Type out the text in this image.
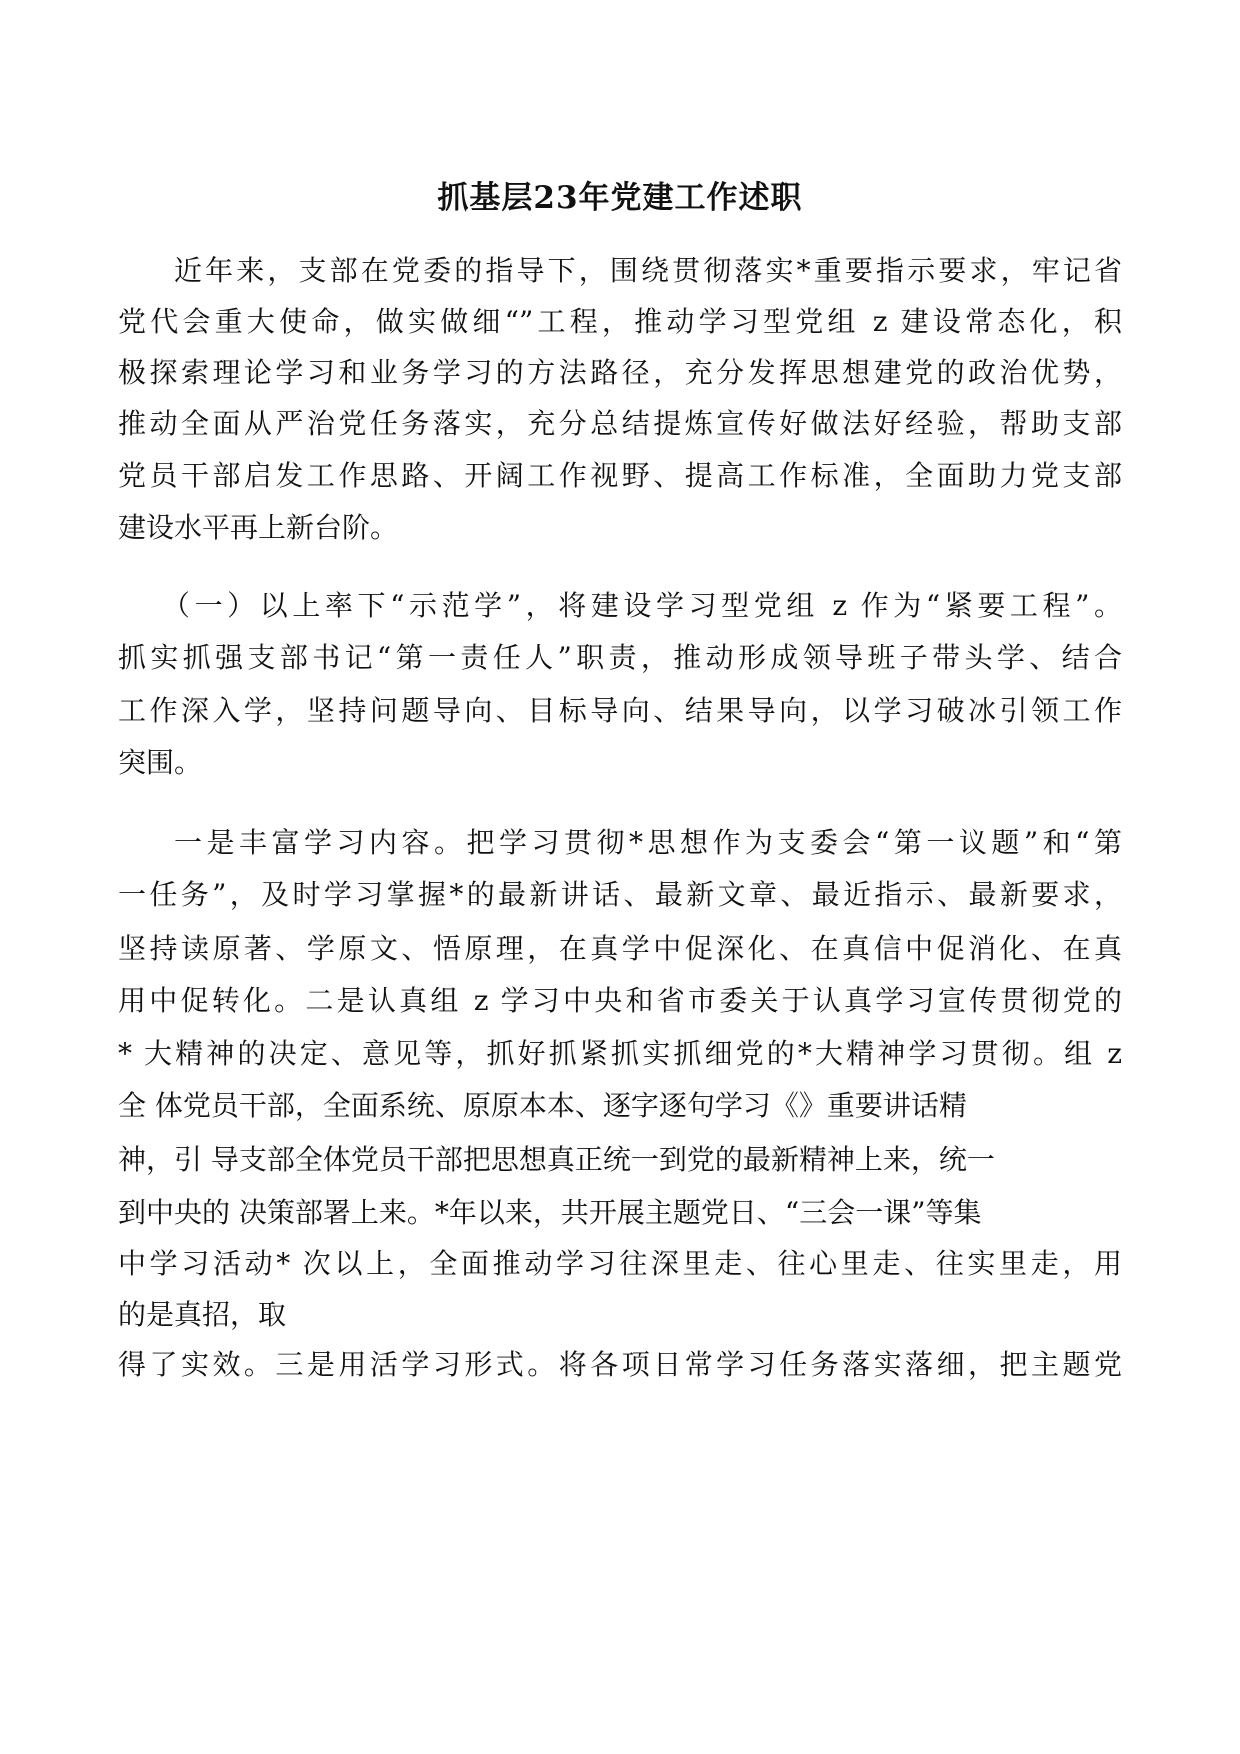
抓基层23年党建工作述职
近年来，支部在党委的指导下，围绕贯彻落实*重要指示要求，牢记省
党代会重大使命，做实做细“”工程，推动学习型党组 z 建设常态化，积
极探索理论学习和业务学习的方法路径，充分发挥思想建党的政治优势，
推动全面从严治党任务落实，充分总结提炼宣传好做法好经验，帮助支部
党员干部启发工作思路、开阔工作视野、提高工作标准，全面助力党支部
建设水平再上新台阶。
（一）以上率下“示范学”，将建设学习型党组 z 作为“紧要工程”。
抓实抓强支部书记“第一责任人”职责，推动形成领导班子带头学、结合
工作深入学，坚持问题导向、目标导向、结果导向，以学习破冰引领工作
突围。
一是丰富学习内容。把学习贯彻*思想作为支委会“第一议题”和“第
一任务”，及时学习掌握*的最新讲话、最新文章、最近指示、最新要求，
坚持读原著、学原文、悟原理，在真学中促深化、在真信中促消化、在真
用中促转化。二是认真组 z 学习中央和省市委关于认真学习宣传贯彻党的
* 大精神的决定、意见等，抓好抓紧抓实抓细党的*大精神学习贯彻。组 z
全 体党员干部，全面系统、原原本本、逐字逐句学习《》重要讲话精
神，引 导支部全体党员干部把思想真正统一到党的最新精神上来，统一
到中央的 决策部署上来。*年以来，共开展主题党日、“三会一课”等集
中学习活动* 次以上，全面推动学习往深里走、往心里走、往实里走，用
的是真招，取
得了实效。三是用活学习形式。将各项日常学习任务落实落细，把主题党
